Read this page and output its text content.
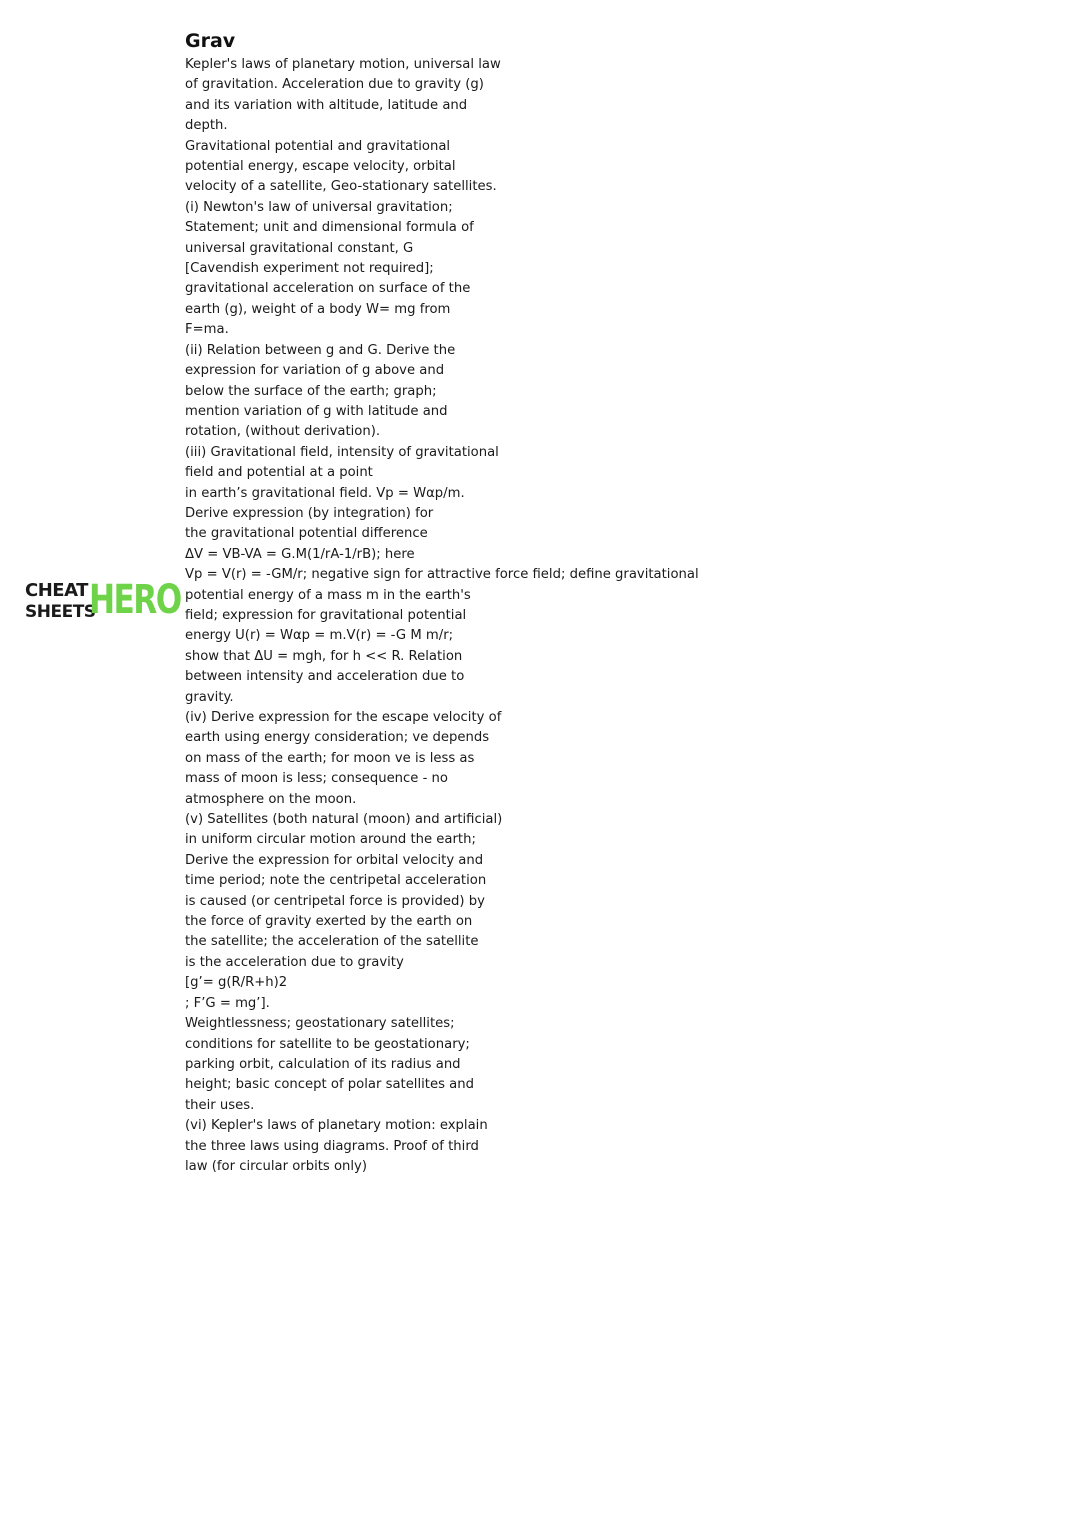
CHEAT
SHEETS
HERO
Grav
Kepler's laws of planetary motion, universal law
of gravitation. Acceleration due to gravity (g)
and its variation with altitude, latitude and
depth.
Gravitational potential and gravitational
potential energy, escape velocity, orbital
velocity of a satellite, Geo-stationary satellites.
(i) Newton's law of universal gravitation;
Statement; unit and dimensional formula of
universal gravitational constant, G
[Cavendish experiment not required];
gravitational acceleration on surface of the
earth (g), weight of a body W= mg from
F=ma.
(ii) Relation between g and G. Derive the
expression for variation of g above and
below the surface of the earth; graph;
mention variation of g with latitude and
rotation, (without derivation).
(iii) Gravitational field, intensity of gravitational
field and potential at a point
in earth’s gravitational field. Vp = Wαp/m.
Derive expression (by integration) for
the gravitational potential difference
ΔV = VB-VA = G.M(1/rA-1/rB); here
Vp = V(r) = -GM/r; negative sign for attractive force field; define gravitational
potential energy of a mass m in the earth's
field; expression for gravitational potential
energy U(r) = Wαp = m.V(r) = -G M m/r;
show that ΔU = mgh, for h << R. Relation
between intensity and acceleration due to
gravity.
(iv) Derive expression for the escape velocity of
earth using energy consideration; ve depends
on mass of the earth; for moon ve is less as
mass of moon is less; consequence - no
atmosphere on the moon.
(v) Satellites (both natural (moon) and artificial)
in uniform circular motion around the earth;
Derive the expression for orbital velocity and
time period; note the centripetal acceleration
is caused (or centripetal force is provided) by
the force of gravity exerted by the earth on
the satellite; the acceleration of the satellite
is the acceleration due to gravity
[g’= g(R/R+h)2
; F’G = mg’].
Weightlessness; geostationary satellites;
conditions for satellite to be geostationary;
parking orbit, calculation of its radius and
height; basic concept of polar satellites and
their uses.
(vi) Kepler's laws of planetary motion: explain
the three laws using diagrams. Proof of third
law (for circular orbits only)
